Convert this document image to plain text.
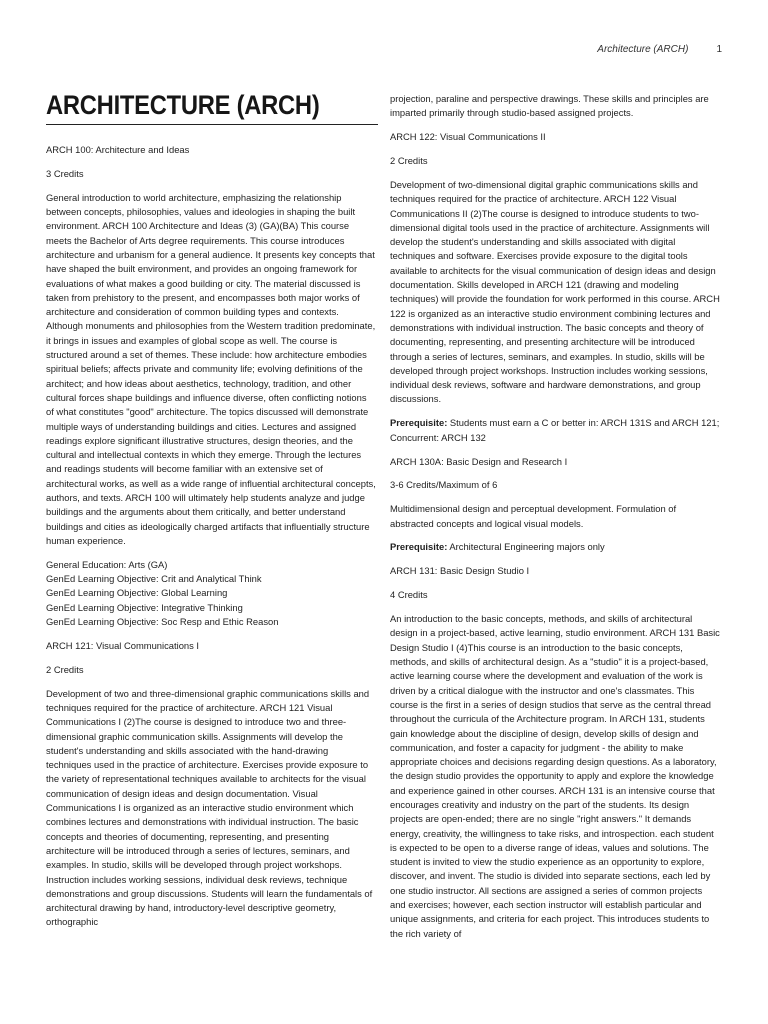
Architecture (ARCH)	1
ARCHITECTURE (ARCH)

ARCH 100: Architecture and Ideas

3 Credits

General introduction to world architecture, emphasizing the relationship between concepts, philosophies, values and ideologies in shaping the built environment. ARCH 100 Architecture and Ideas (3) (GA)(BA) This course meets the Bachelor of Arts degree requirements. This course introduces architecture and urbanism for a general audience. It presents key concepts that have shaped the built environment, and provides an ongoing framework for evaluations of what makes a good building or city. The material discussed is taken from prehistory to the present, and encompasses both major works of architecture and consideration of common building types and contexts. Although monuments and philosophies from the Western tradition predominate, it brings in issues and examples of global scope as well. The course is structured around a set of themes. These include: how architecture embodies spiritual beliefs; affects private and community life; evolving definitions of the architect; and how ideas about aesthetics, technology, tradition, and other cultural forces shape buildings and influence diverse, often conflicting notions of what constitutes "good" architecture. The topics discussed will demonstrate multiple ways of understanding buildings and cities. Lectures and assigned readings explore significant illustrative structures, design theories, and the cultural and intellectual contexts in which they emerge. Through the lectures and readings students will become familiar with an extensive set of architectural works, as well as a wide range of influential architectural concepts, authors, and texts. ARCH 100 will ultimately help students analyze and judge buildings and the arguments about them critically, and better understand buildings and cities as ideologically charged artifacts that influentially structure human experience.

General Education: Arts (GA)
GenEd Learning Objective: Crit and Analytical Think
GenEd Learning Objective: Global Learning
GenEd Learning Objective: Integrative Thinking
GenEd Learning Objective: Soc Resp and Ethic Reason

ARCH 121: Visual Communications I

2 Credits

Development of two and three-dimensional graphic communications skills and techniques required for the practice of architecture. ARCH 121 Visual Communications I (2)The course is designed to introduce two and three-dimensional graphic communication skills. Assignments will develop the student's understanding and skills associated with the hand-drawing techniques used in the practice of architecture. Exercises provide exposure to the variety of representational techniques available to architects for the visual communication of design ideas and design documentation. Visual Communications I is organized as an interactive studio environment which combines lectures and demonstrations with individual instruction. The basic concepts and theories of documenting, representing, and presenting architecture will be introduced through a series of lectures, seminars, and examples. In studio, skills will be developed through project workshops. Instruction includes working sessions, individual desk reviews, technique demonstrations and group discussions. Students will learn the fundamentals of architectural drawing by hand, introductory-level descriptive geometry, orthographic

projection, paraline and perspective drawings. These skills and principles are imparted primarily through studio-based assigned projects.

ARCH 122: Visual Communications II

2 Credits

Development of two-dimensional digital graphic communications skills and techniques required for the practice of architecture. ARCH 122 Visual Communications II (2)The course is designed to introduce students to two-dimensional digital tools used in the practice of architecture. Assignments will develop the student's understanding and skills associated with digital techniques and software. Exercises provide exposure to the digital tools available to architects for the visual communication of design ideas and design documentation. Skills developed in ARCH 121 (drawing and modeling techniques) will provide the foundation for work performed in this course. ARCH 122 is organized as an interactive studio environment combining lectures and demonstrations with individual instruction. The basic concepts and theory of documenting, representing, and presenting architecture will be introduced through a series of lectures, seminars, and examples. In studio, skills will be developed through project workshops. Instruction includes working sessions, individual desk reviews, software and hardware demonstrations, and group discussions.

Prerequisite: Students must earn a C or better in: ARCH 131S and ARCH 121; Concurrent: ARCH 132

ARCH 130A: Basic Design and Research I

3-6 Credits/Maximum of 6

Multidimensional design and perceptual development. Formulation of abstracted concepts and logical visual models.

Prerequisite: Architectural Engineering majors only

ARCH 131: Basic Design Studio I

4 Credits

An introduction to the basic concepts, methods, and skills of architectural design in a project-based, active learning, studio environment. ARCH 131 Basic Design Studio I (4)This course is an introduction to the basic concepts, methods, and skills of architectural design. As a "studio" it is a project-based, active learning course where the development and evaluation of the work is driven by a critical dialogue with the instructor and one's classmates. This course is the first in a series of design studios that serve as the central thread throughout the curricula of the Architecture program. In ARCH 131, students gain knowledge about the discipline of design, develop skills of design and communication, and foster a capacity for judgment - the ability to make appropriate choices and decisions regarding design questions. As a laboratory, the design studio provides the opportunity to apply and explore the knowledge and experience gained in other courses. ARCH 131 is an intensive course that encourages creativity and industry on the part of the students. Its design projects are open-ended; there are no single "right answers." It demands energy, creativity, the willingness to take risks, and introspection. each student is expected to be open to a diverse range of ideas, values and solutions. The student is invited to view the studio experience as an opportunity to explore, discover, and invent. The studio is divided into separate sections, each led by one studio instructor. All sections are assigned a series of common projects and exercises; however, each section instructor will establish particular and unique assignments, and criteria for each project. This introduces students to the rich variety of
